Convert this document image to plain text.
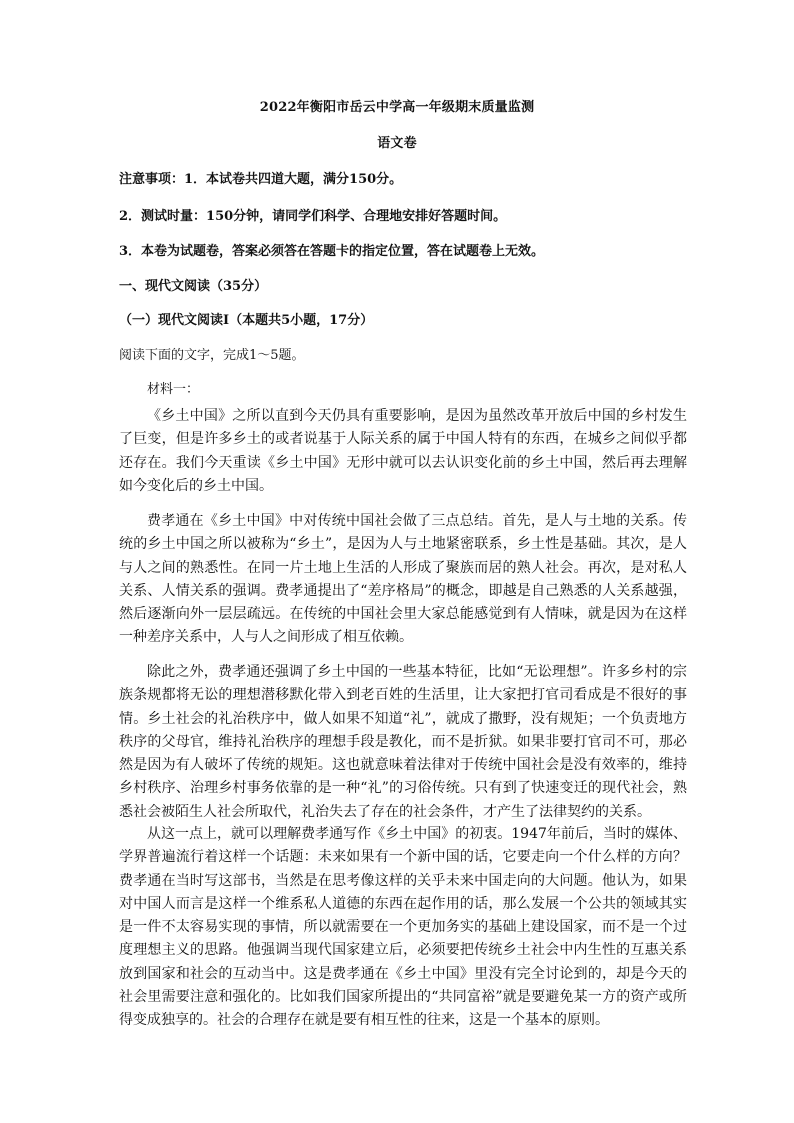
2022年衡阳市岳云中学高一年级期末质量监测
语文卷
注意事项：1．本试卷共四道大题，满分150分。
2．测试时量：150分钟，请同学们科学、合理地安排好答题时间。
3．本卷为试题卷，答案必须答在答题卡的指定位置，答在试题卷上无效。
一、现代文阅读（35分）
（一）现代文阅读Ⅰ（本题共5小题，17分）
阅读下面的文字，完成1～5题。
材料一：

《乡土中国》之所以直到今天仍具有重要影响，是因为虽然改革开放后中国的乡村发生了巨变，但是许多乡土的或者说基于人际关系的属于中国人特有的东西，在城乡之间似乎都还存在。我们今天重读《乡土中国》无形中就可以去认识变化前的乡土中国，然后再去理解如今变化后的乡土中国。

费孝通在《乡土中国》中对传统中国社会做了三点总结。首先，是人与土地的关系。传统的乡土中国之所以被称为“乡土”，是因为人与土地紧密联系，乡土性是基础。其次，是人与人之间的熟悉性。在同一片土地上生活的人形成了聚族而居的熟人社会。再次，是对私人关系、人情关系的强调。费孝通提出了“差序格局”的概念，即越是自己熟悉的人关系越强，然后逐渐向外一层层疏远。在传统的中国社会里大家总能感觉到有人情味，就是因为在这样一种差序关系中，人与人之间形成了相互依赖。

除此之外，费孝通还强调了乡土中国的一些基本特征，比如“无讼理想”。许多乡村的宗族条规都将无讼的理想潜移默化带入到老百姓的生活里，让大家把打官司看成是不很好的事情。乡土社会的礼治秩序中，做人如果不知道“礼”，就成了撒野，没有规矩；一个负责地方秩序的父母官，维持礼治秩序的理想手段是教化，而不是折狱。如果非要打官司不可，那必然是因为有人破坏了传统的规矩。这也就意味着法律对于传统中国社会是没有效率的，维持乡村秩序、治理乡村事务依靠的是一种“礼”的习俗传统。只有到了快速变迁的现代社会，熟悉社会被陌生人社会所取代，礼治失去了存在的社会条件，才产生了法律契约的关系。

从这一点上，就可以理解费孝通写作《乡土中国》的初衷。1947年前后，当时的媒体、学界普遍流行着这样一个话题：未来如果有一个新中国的话，它要走向一个什么样的方向？费孝通在当时写这部书，当然是在思考像这样的关乎未来中国走向的大问题。他认为，如果对中国人而言是这样一个维系私人道德的东西在起作用的话，那么发展一个公共的领域其实是一件不太容易实现的事情，所以就需要在一个更加务实的基础上建设国家，而不是一个过度理想主义的思路。他强调当现代国家建立后，必须要把传统乡土社会中内生性的互惠关系放到国家和社会的互动当中。这是费孝通在《乡土中国》里没有完全讨论到的，却是今天的社会里需要注意和强化的。比如我们国家所提出的“共同富裕”就是要避免某一方的资产或所得变成独享的。社会的合理存在就是要有相互性的往来，这是一个基本的原则。
